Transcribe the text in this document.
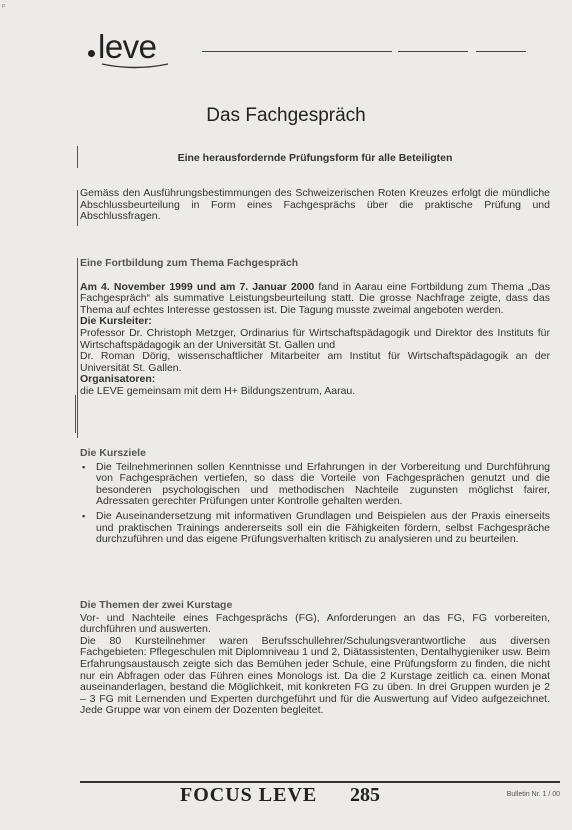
ᵖ
leve
Das Fachgespräch
Eine herausfordernde Prüfungsform für alle Beteiligten
Gemäss den Ausführungsbestimmungen des Schweizerischen Roten Kreuzes erfolgt die mündliche Abschlussbeurteilung in Form eines Fachgesprächs über die praktische Prüfung und Abschlussfragen.
Eine Fortbildung zum Thema Fachgespräch

Am 4. November 1999 und am 7. Januar 2000 fand in Aarau eine Fortbildung zum Thema „Das Fachgespräch“ als summative Leistungsbeurteilung statt. Die grosse Nachfrage zeigte, dass das Thema auf echtes Interesse gestossen ist. Die Tagung musste zweimal angeboten werden.

Die Kursleiter:

Professor Dr. Christoph Metzger, Ordinarius für Wirtschaftspädagogik und Direktor des Instituts für Wirtschaftspädagogik an der Universität St. Gallen und

Dr. Roman Dörig, wissenschaftlicher Mitarbeiter am Institut für Wirtschaftspädagogik an der Universität St. Gallen.

Organisatoren:

die LEVE gemeinsam mit dem H+ Bildungszentrum, Aarau.

Die Kursziele
▪ Die Teilnehmerinnen sollen Kenntnisse und Erfahrungen in der Vorbereitung und Durchführung von Fachgesprächen vertiefen, so dass die Vorteile von Fachgesprächen genutzt und die besonderen psychologischen und methodischen Nachteile zugunsten möglichst fairer, Adressaten gerechter Prüfungen unter Kontrolle gehalten werden.
▪ Die Auseinandersetzung mit informativen Grundlagen und Beispielen aus der Praxis einerseits und praktischen Trainings andererseits soll ein die Fähigkeiten fördern, selbst Fachgespräche durchzuführen und das eigene Prüfungsverhalten kritisch zu analysieren und zu beurteilen.
Die Themen der zwei Kurstage

Vor- und Nachteile eines Fachgesprächs (FG), Anforderungen an das FG, FG vorbereiten, durchführen und auswerten.

Die 80 Kursteilnehmer waren Berufsschullehrer/Schulungsverantwortliche aus diversen Fachgebieten: Pflegeschulen mit Diplomniveau 1 und 2, Diätassistenten, Dentalhygieniker usw. Beim Erfahrungsaustausch zeigte sich das Bemühen jeder Schule, eine Prüfungsform zu finden, die nicht nur ein Abfragen oder das Führen eines Monologs ist. Da die 2 Kurstage zeitlich ca. einen Monat auseinanderlagen, bestand die Möglichkeit, mit konkreten FG zu üben. In drei Gruppen wurden je 2 – 3 FG mit Lernenden und Experten durchgeführt und für die Auswertung auf Video aufgezeichnet. Jede Gruppe war von einem der Dozenten begleitet.

FOCUS LEVE 285	Bulletin Nr. 1 / 00
